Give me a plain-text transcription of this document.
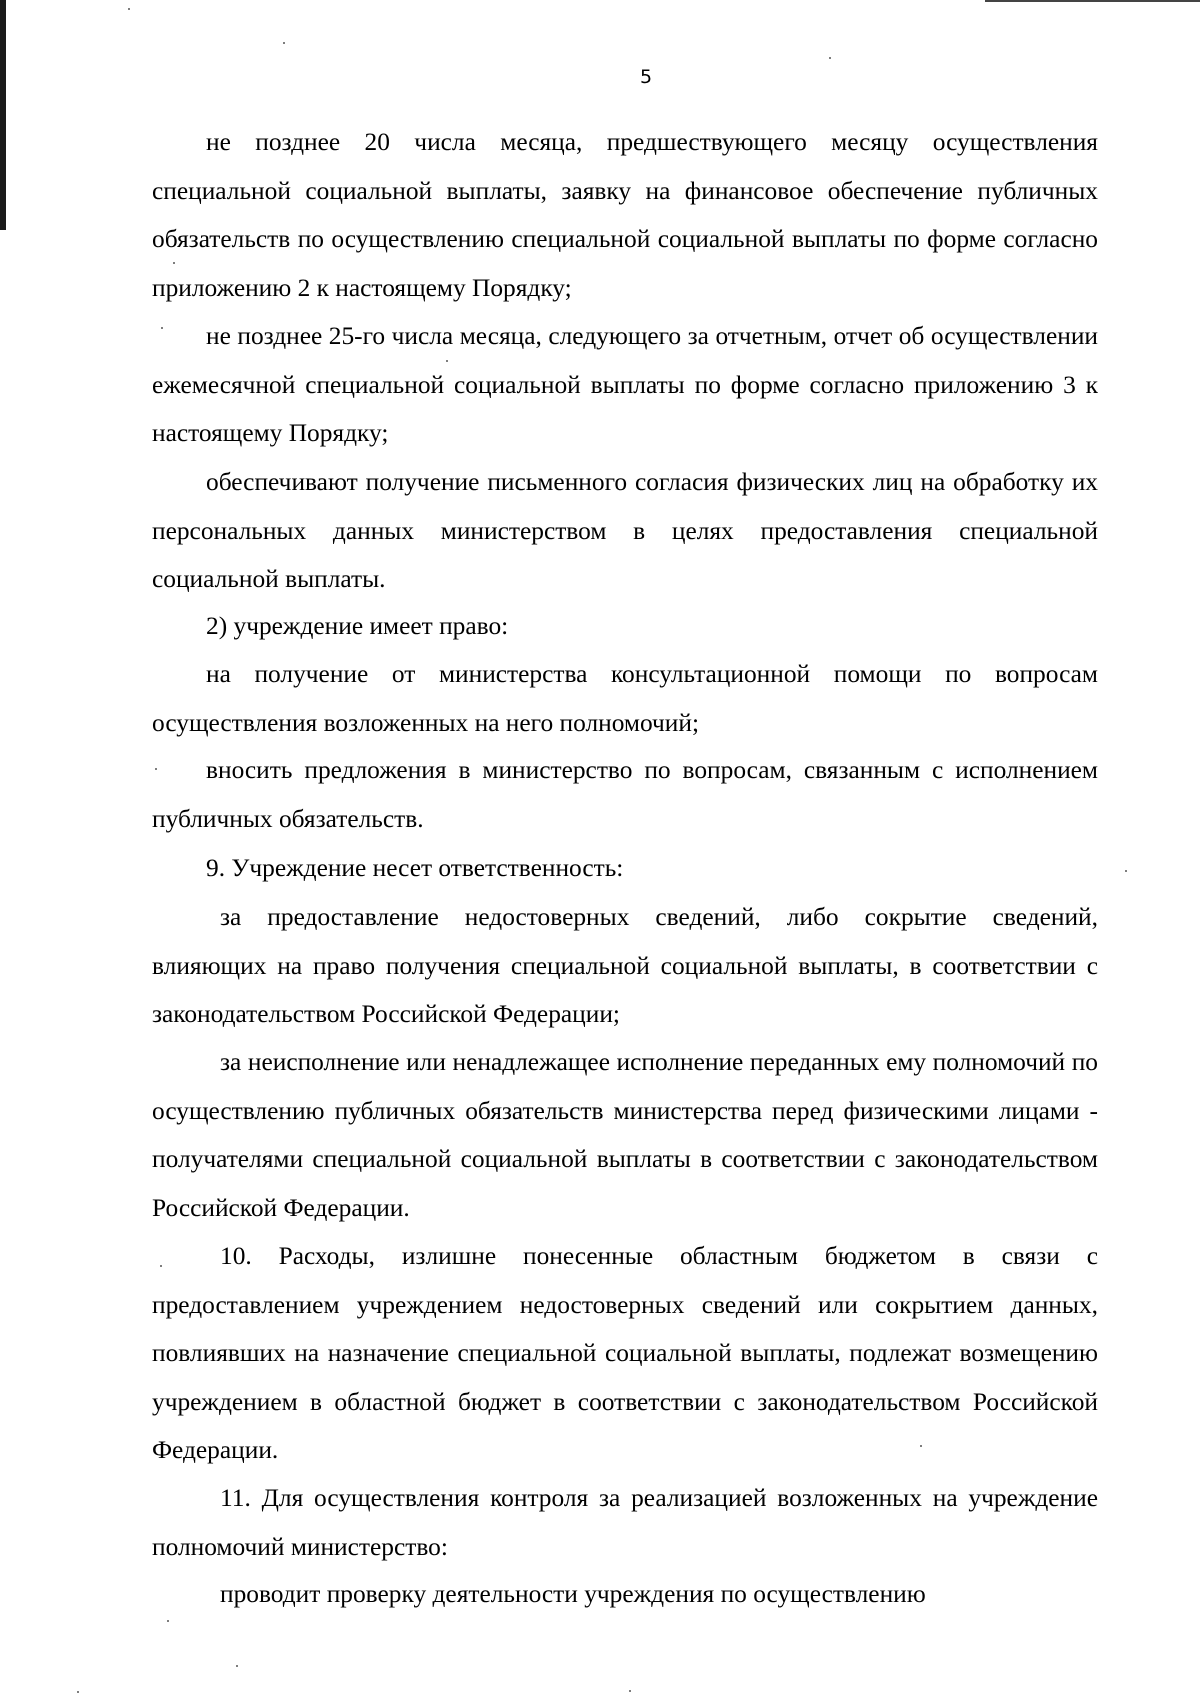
5

не позднее 20 числа месяца, предшествующего месяцу осуществления специальной социальной выплаты, заявку на финансовое обеспечение публичных обязательств по осуществлению специальной социальной выплаты по форме согласно приложению 2 к настоящему Порядку;

не позднее 25-го числа месяца, следующего за отчетным, отчет об осуществлении ежемесячной специальной социальной выплаты по форме согласно приложению 3 к настоящему Порядку;

обеспечивают получение письменного согласия физических лиц на обработку их персональных данных министерством в целях предоставления специальной социальной выплаты.

2) учреждение имеет право:

на получение от министерства консультационной помощи по вопросам осуществления возложенных на него полномочий;

вносить предложения в министерство по вопросам, связанным с исполнением публичных обязательств.

9. Учреждение несет ответственность:

за предоставление недостоверных сведений, либо сокрытие сведений, влияющих на право получения специальной социальной выплаты, в соответствии с законодательством Российской Федерации;

за неисполнение или ненадлежащее исполнение переданных ему полномочий по осуществлению публичных обязательств министерства перед физическими лицами - получателями специальной социальной выплаты в соответствии с законодательством Российской Федерации.

10. Расходы, излишне понесенные областным бюджетом в связи с предоставлением учреждением недостоверных сведений или сокрытием данных, повлиявших на назначение специальной социальной выплаты, подлежат возмещению учреждением в областной бюджет в соответствии с законодательством Российской Федерации.

11. Для осуществления контроля за реализацией возложенных на учреждение полномочий министерство:

проводит проверку деятельности учреждения по осуществлению
